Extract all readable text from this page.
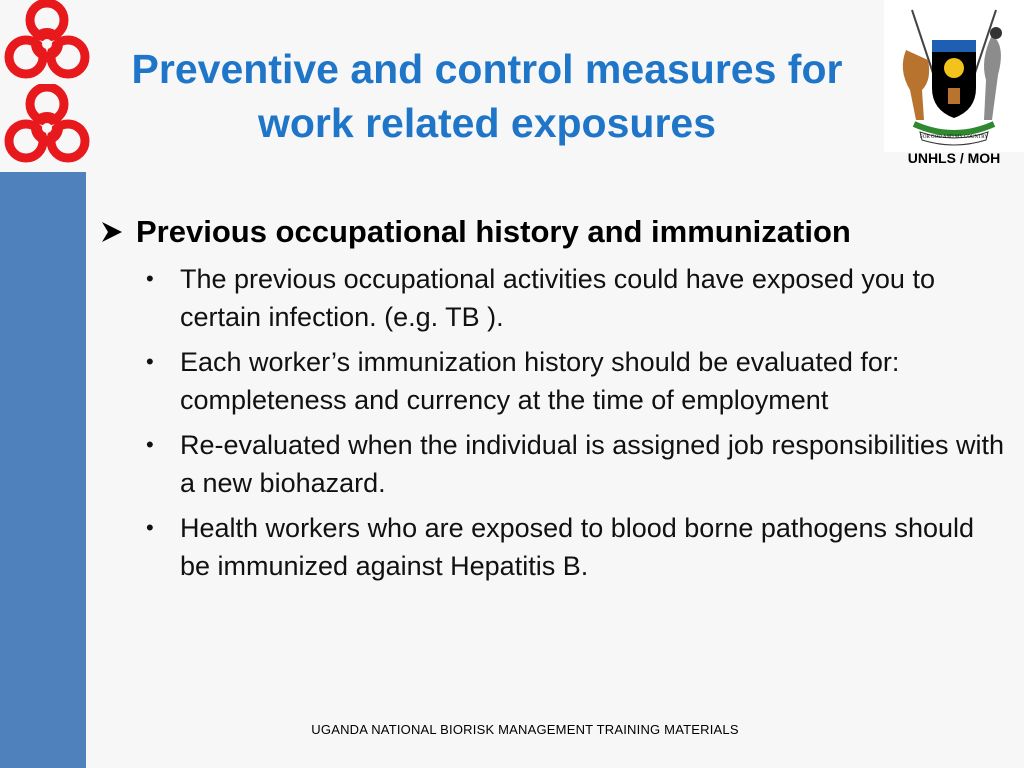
Preventive and control measures for
work related exposures	FOR GOD AND MY COUNTRY
UNHLS / MOH
Previous occupational history and immunization
• The previous occupational activities could have exposed you to certain infection. (e.g. TB ).
• Each worker’s immunization history should be evaluated for: completeness and currency at the time of employment
• Re-evaluated when the individual is assigned job responsibilities with a new biohazard.
• Health workers who are exposed to blood borne pathogens should be immunized against Hepatitis B.
UGANDA NATIONAL BIORISK MANAGEMENT TRAINING MATERIALS
